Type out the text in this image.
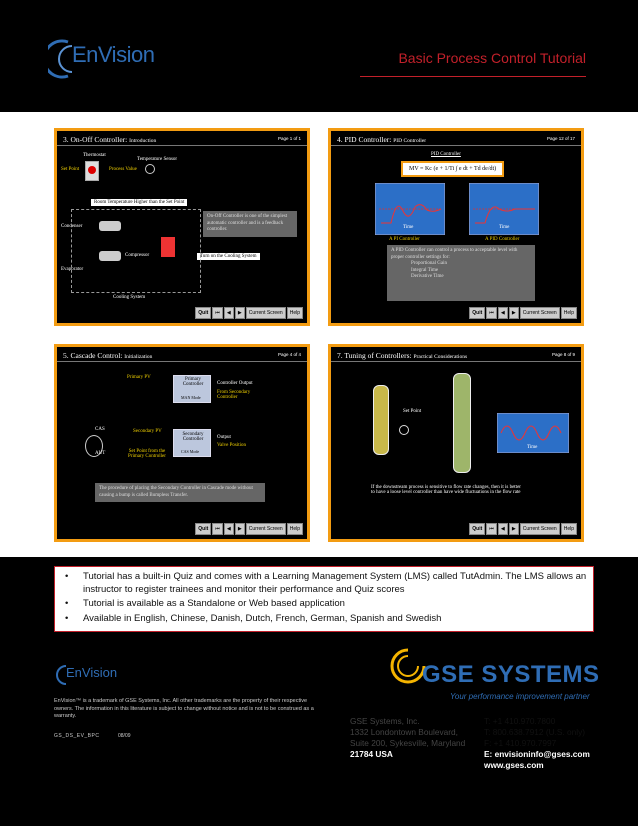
EnVision	Basic Process Control Tutorial
3. On-Off Controller: Introduction	Page 1 of 1
Thermostat
Temperature Sensor
Set Point	Process Value
Room Temperature Higher than the Set Point
On-Off Controller is one of the simplest automatic controller and is a feedback controller.
Condenser
Compressor
Evaporator
Turn on the Cooling System
Cooling System
Quit	⏮	◀	▶	Current Screen	Help
4. PID Controller: PID Controller	Page 12 of 17
PID Controller
MV = Kc (e + 1/Ti ∫ e dt + Td de/dt)
Time	Time
A PI Controller	A PID Controller
A PID Controller can control a process to acceptable level with proper controller settings for:
Proportional Gain
Integral Time
Derivative Time
Quit	⏮	◀	▶	Current Screen	Help
5. Cascade Control: Initialization	Page 4 of 4
Primary PV	Primary Controller
MAN Mode
Controller Output
From Secondary Controller
CAS	Secondary PV
Secondary Controller
CAS Mode
Output
Valve Position
AUT	Set Point from the Primary Controller
The procedure of placing the Secondary Controller in Cascade mode without causing a bump is called Bumpless Transfer.
Quit	⏮	◀	▶	Current Screen	Help
7. Tuning of Controllers: Practical Considerations	Page 8 of 9
Set Point
Time
If the downstream process is sensitive to flow rate changes, then it is better to have a loose level controller than have wide fluctuations in the flow rate
Quit	⏮	◀	▶	Current Screen	Help
• Tutorial has a built-in Quiz and comes with a Learning Management System (LMS) called TutAdmin. The LMS allows an instructor to register trainees and monitor their performance and Quiz scores
• Tutorial is available as a Standalone or Web based application
• Available in English, Chinese, Danish, Dutch, French, German, Spanish and Swedish
EnVision
EnVision™ is a trademark of GSE Systems, Inc. All other trademarks are the property of their respective owners. The information in this literature is subject to change without notice and is not to be construed as a warranty.
GS_DS_EV_BPC	08/09
GSE SYSTEMS
Your performance improvement partner
GSE Systems, Inc.
1332 Londontown Boulevard,
Suite 200, Sykesville, Maryland
21784 USA
T: +1 410.970.7800
T: 800.638.7912 (U.S. only)
F: +1 410.970.7997
E: envisioninfo@gses.com
www.gses.com
